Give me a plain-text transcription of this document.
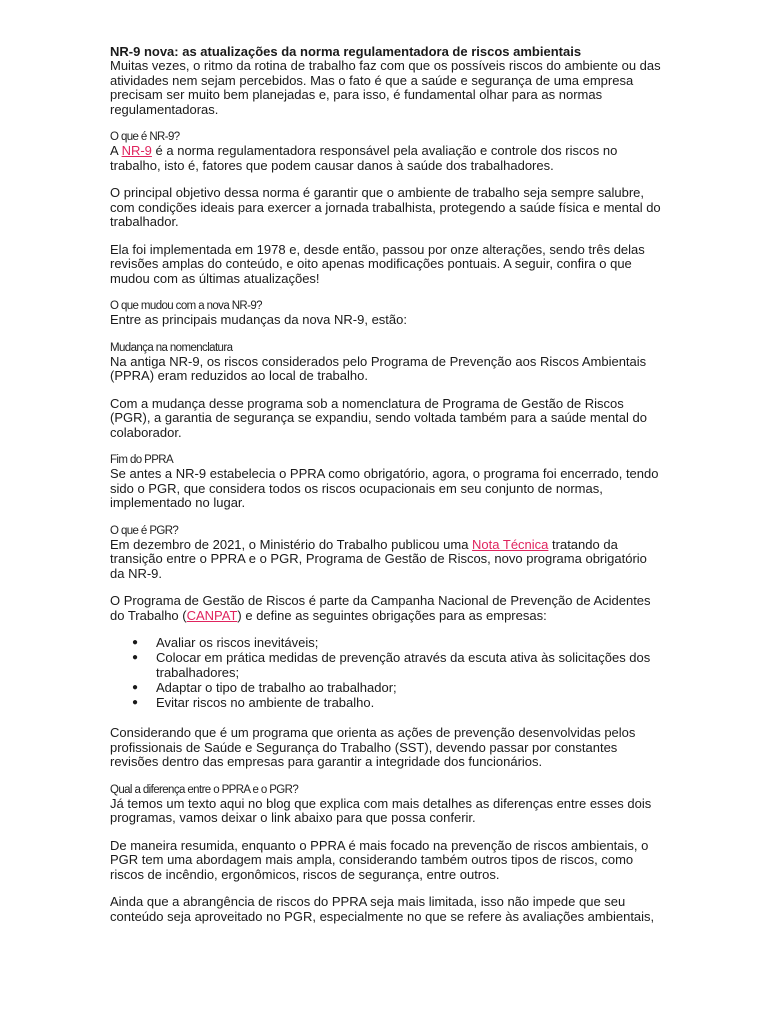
NR-9 nova: as atualizações da norma regulamentadora de riscos ambientais

Muitas vezes, o ritmo da rotina de trabalho faz com que os possíveis riscos do ambiente ou das atividades nem sejam percebidos. Mas o fato é que a saúde e segurança de uma empresa precisam ser muito bem planejadas e, para isso, é fundamental olhar para as normas regulamentadoras.

O que é NR-9?

A NR-9 é a norma regulamentadora responsável pela avaliação e controle dos riscos no trabalho, isto é, fatores que podem causar danos à saúde dos trabalhadores.

O principal objetivo dessa norma é garantir que o ambiente de trabalho seja sempre salubre, com condições ideais para exercer a jornada trabalhista, protegendo a saúde física e mental do trabalhador.

Ela foi implementada em 1978 e, desde então, passou por onze alterações, sendo três delas revisões amplas do conteúdo, e oito apenas modificações pontuais. A seguir, confira o que mudou com as últimas atualizações!

O que mudou com a nova NR-9?

Entre as principais mudanças da nova NR-9, estão:

Mudança na nomenclatura

Na antiga NR-9, os riscos considerados pelo Programa de Prevenção aos Riscos Ambientais (PPRA) eram reduzidos ao local de trabalho.

Com a mudança desse programa sob a nomenclatura de Programa de Gestão de Riscos (PGR), a garantia de segurança se expandiu, sendo voltada também para a saúde mental do colaborador.

Fim do PPRA

Se antes a NR-9 estabelecia o PPRA como obrigatório, agora, o programa foi encerrado, tendo sido o PGR, que considera todos os riscos ocupacionais em seu conjunto de normas, implementado no lugar.

O que é PGR?

Em dezembro de 2021, o Ministério do Trabalho publicou uma Nota Técnica tratando da transição entre o PPRA e o PGR, Programa de Gestão de Riscos, novo programa obrigatório da NR-9.

O Programa de Gestão de Riscos é parte da Campanha Nacional de Prevenção de Acidentes do Trabalho (CANPAT) e define as seguintes obrigações para as empresas:

● Avaliar os riscos inevitáveis;
● Colocar em prática medidas de prevenção através da escuta ativa às solicitações dos trabalhadores;
● Adaptar o tipo de trabalho ao trabalhador;
● Evitar riscos no ambiente de trabalho.

Considerando que é um programa que orienta as ações de prevenção desenvolvidas pelos profissionais de Saúde e Segurança do Trabalho (SST), devendo passar por constantes revisões dentro das empresas para garantir a integridade dos funcionários.

Qual a diferença entre o PPRA e o PGR?

Já temos um texto aqui no blog que explica com mais detalhes as diferenças entre esses dois programas, vamos deixar o link abaixo para que possa conferir.

De maneira resumida, enquanto o PPRA é mais focado na prevenção de riscos ambientais, o PGR tem uma abordagem mais ampla, considerando também outros tipos de riscos, como riscos de incêndio, ergonômicos, riscos de segurança, entre outros.

Ainda que a abrangência de riscos do PPRA seja mais limitada, isso não impede que seu conteúdo seja aproveitado no PGR, especialmente no que se refere às avaliações ambientais,
